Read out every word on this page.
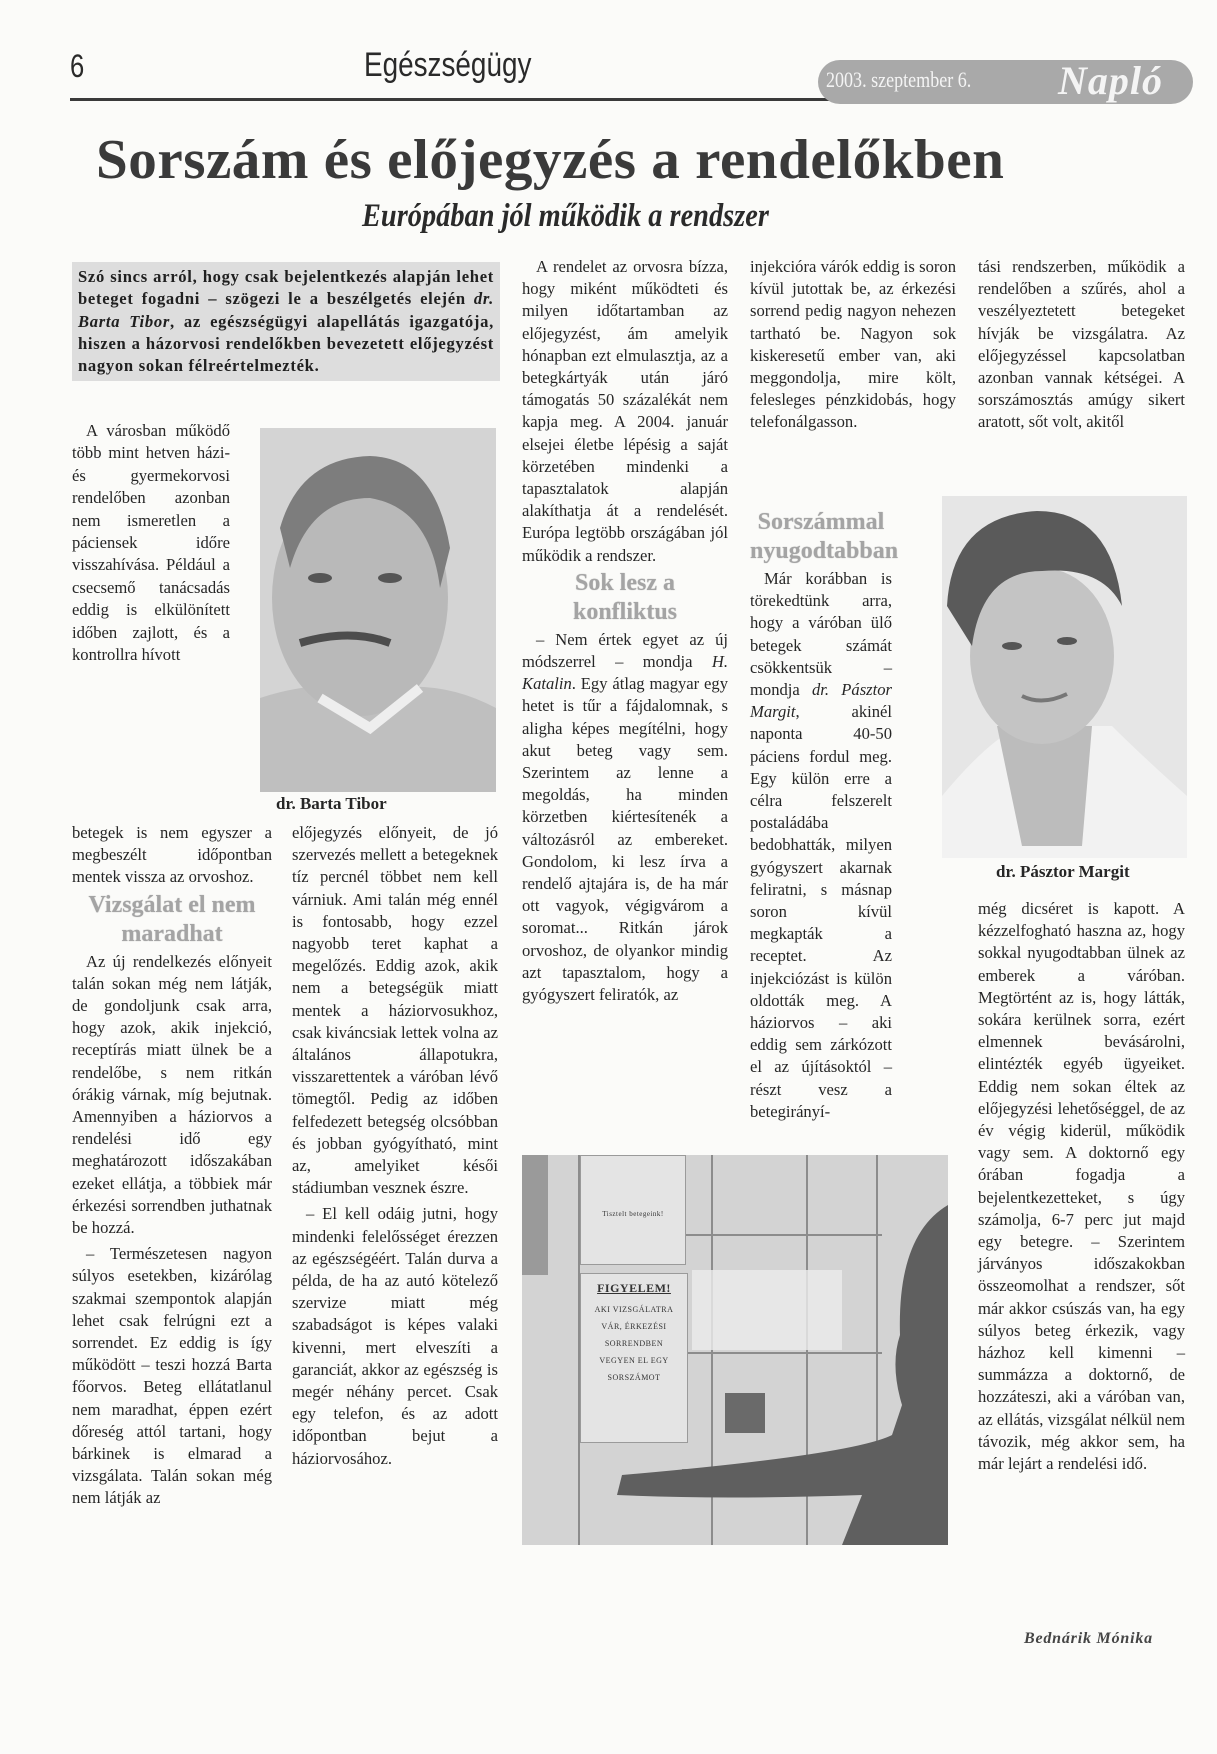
6	Egészségügy	2003. szeptember 6. Napló
Sorszám és előjegyzés a rendelőkben
Európában jól működik a rendszer
Szó sincs arról, hogy csak bejelentkezés alapján lehet beteget fogadni – szögezi le a beszélgetés elején dr. Barta Tibor, az egészségügyi alapellátás igazgatója, hiszen a házorvosi rendelőkben bevezetett előjegyzést nagyon sokan félreértelmezték.

A városban működő több mint hetven házi- és gyermekorvosi rendelőben azonban nem ismeretlen a páciensek időre visszahívása. Például a csecsemő tanácsadás eddig is elkülönített időben zajlott, és a kontrollra hívott

betegek is nem egyszer a megbeszélt időpontban mentek vissza az orvoshoz.

Vizsgálat el nem maradhat

Az új rendelkezés előnyeit talán sokan még nem látják, de gondoljunk csak arra, hogy azok, akik injekció, receptírás miatt ülnek be a rendelőbe, s nem ritkán órákig várnak, míg bejutnak. Amennyiben a háziorvos a rendelési idő egy meghatározott időszakában ezeket ellátja, a többiek már érkezési sorrendben juthatnak be hozzá.

– Természetesen nagyon súlyos esetekben, kizárólag szakmai szempontok alapján lehet csak felrúgni ezt a sorrendet. Ez eddig is így működött – teszi hozzá Barta főorvos. Beteg ellátatlanul nem maradhat, éppen ezért dőreség attól tartani, hogy bárkinek is elmarad a vizsgálata. Talán sokan még nem látják az

dr. Barta Tibor

előjegyzés előnyeit, de jó szervezés mellett a betegeknek tíz percnél többet nem kell várniuk. Ami talán még ennél is fontosabb, hogy ezzel nagyobb teret kaphat a megelőzés. Eddig azok, akik nem a betegségük miatt mentek a háziorvosukhoz, csak kiváncsiak lettek volna az általános állapotukra, visszarettentek a váróban lévő tömegtől. Pedig az időben felfedezett betegség olcsóbban és jobban gyógyítható, mint az, amelyiket késői stádiumban vesznek észre.

– El kell odáig jutni, hogy mindenki felelősséget érezzen az egészségéért. Talán durva a példa, de ha az autó kötelező szervize miatt még szabadságot is képes valaki kivenni, mert elveszíti a garanciát, akkor az egészség is megér néhány percet. Csak egy telefon, és az adott időpontban bejut a háziorvosához.

A rendelet az orvosra bízza, hogy miként működteti és milyen időtartamban az előjegyzést, ám amelyik hónapban ezt elmulasztja, az a betegkártyák után járó támogatás 50 százalékát nem kapja meg. A 2004. január elsejei életbe lépésig a saját körzetében mindenki a tapasztalatok alapján alakíthatja át a rendelését. Európa legtöbb országában jól működik a rendszer.

Sok lesz a konfliktus

– Nem értek egyet az új módszerrel – mondja H. Katalin. Egy átlag magyar egy hetet is tűr a fájdalomnak, s aligha képes megítélni, hogy akut beteg vagy sem. Szerintem az lenne a megoldás, ha minden körzetben kiértesítenék a változásról az embereket. Gondolom, ki lesz írva a rendelő ajtajára is, de ha már ott vagyok, végigvárom a soromat... Ritkán járok orvoshoz, de olyankor mindig azt tapasztalom, hogy a gyógyszert feliratók, az

injekcióra várók eddig is soron kívül jutottak be, az érkezési sorrend pedig nagyon nehezen tartható be. Nagyon sok kiskeresetű ember van, aki meggondolja, mire költ, felesleges pénzkidobás, hogy telefonálgasson.

Sorszámmal nyugodtabban

Már korábban is törekedtünk arra, hogy a váróban ülő betegek számát csökkentsük – mondja dr. Pásztor Margit, akinél naponta 40-50 páciens fordul meg. Egy külön erre a célra felszerelt postaládába bedobhatták, milyen gyógyszert akarnak feliratni, s másnap soron kívül megkapták a receptet. Az injekciózást is külön oldották meg. A háziorvos – aki eddig sem zárkózott el az újításoktól – részt vesz a betegirányí-

dr. Pásztor Margit

tási rendszerben, működik a rendelőben a szűrés, ahol a veszélyeztetett betegeket hívják be vizsgálatra. Az előjegyzéssel kapcsolatban azonban vannak kétségei. A sorszámosztás amúgy sikert aratott, sőt volt, akitől

még dicséret is kapott. A kézzelfogható haszna az, hogy sokkal nyugodtabban ülnek az emberek a váróban. Megtörtént az is, hogy látták, sokára kerülnek sorra, ezért elmennek bevásárolni, elintézték egyéb ügyeiket. Eddig nem sokan éltek az előjegyzési lehetőséggel, de az év végig kiderül, működik vagy sem. A doktornő egy órában fogadja a bejelentkezetteket, s úgy számolja, 6-7 perc jut majd egy betegre. – Szerintem járványos időszakokban összeomolhat a rendszer, sőt már akkor csúszás van, ha egy súlyos beteg érkezik, vagy házhoz kell kimenni – summázza a doktornő, de hozzáteszi, aki a váróban van, az ellátás, vizsgálat nélkül nem távozik, még akkor sem, ha már lejárt a rendelési idő.

Bednárik Mónika
Tisztelt betegeink!
FIGYELEM!
AKI VIZSGÁLATRA
VÁR, ÉRKEZÉSI
SORRENDBEN
VEGYEN EL EGY
SORSZÁMOT
